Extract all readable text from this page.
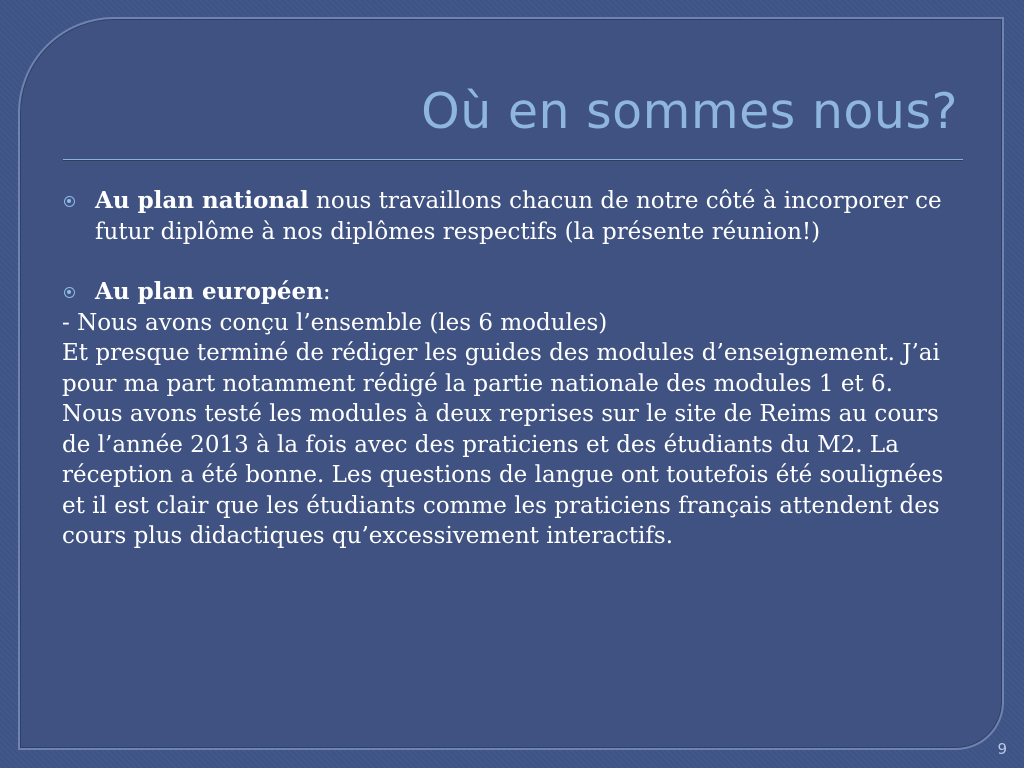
Où en sommes nous?

Au plan national nous travaillons chacun de notre côté à incorporer ce futur diplôme à nos diplômes respectifs (la présente réunion!)

Au plan européen:

- Nous avons conçu l’ensemble (les 6 modules)

Et presque terminé de rédiger les guides des modules d’enseignement. J’ai pour ma part notamment rédigé la partie nationale des modules 1 et 6.

Nous avons testé les modules à deux reprises sur le site de Reims au cours de l’année 2013 à la fois avec des praticiens et des étudiants du M2. La réception a été bonne. Les questions de langue ont toutefois été soulignées et il est clair que les étudiants comme les praticiens français attendent des cours plus didactiques qu’excessivement interactifs.

9
